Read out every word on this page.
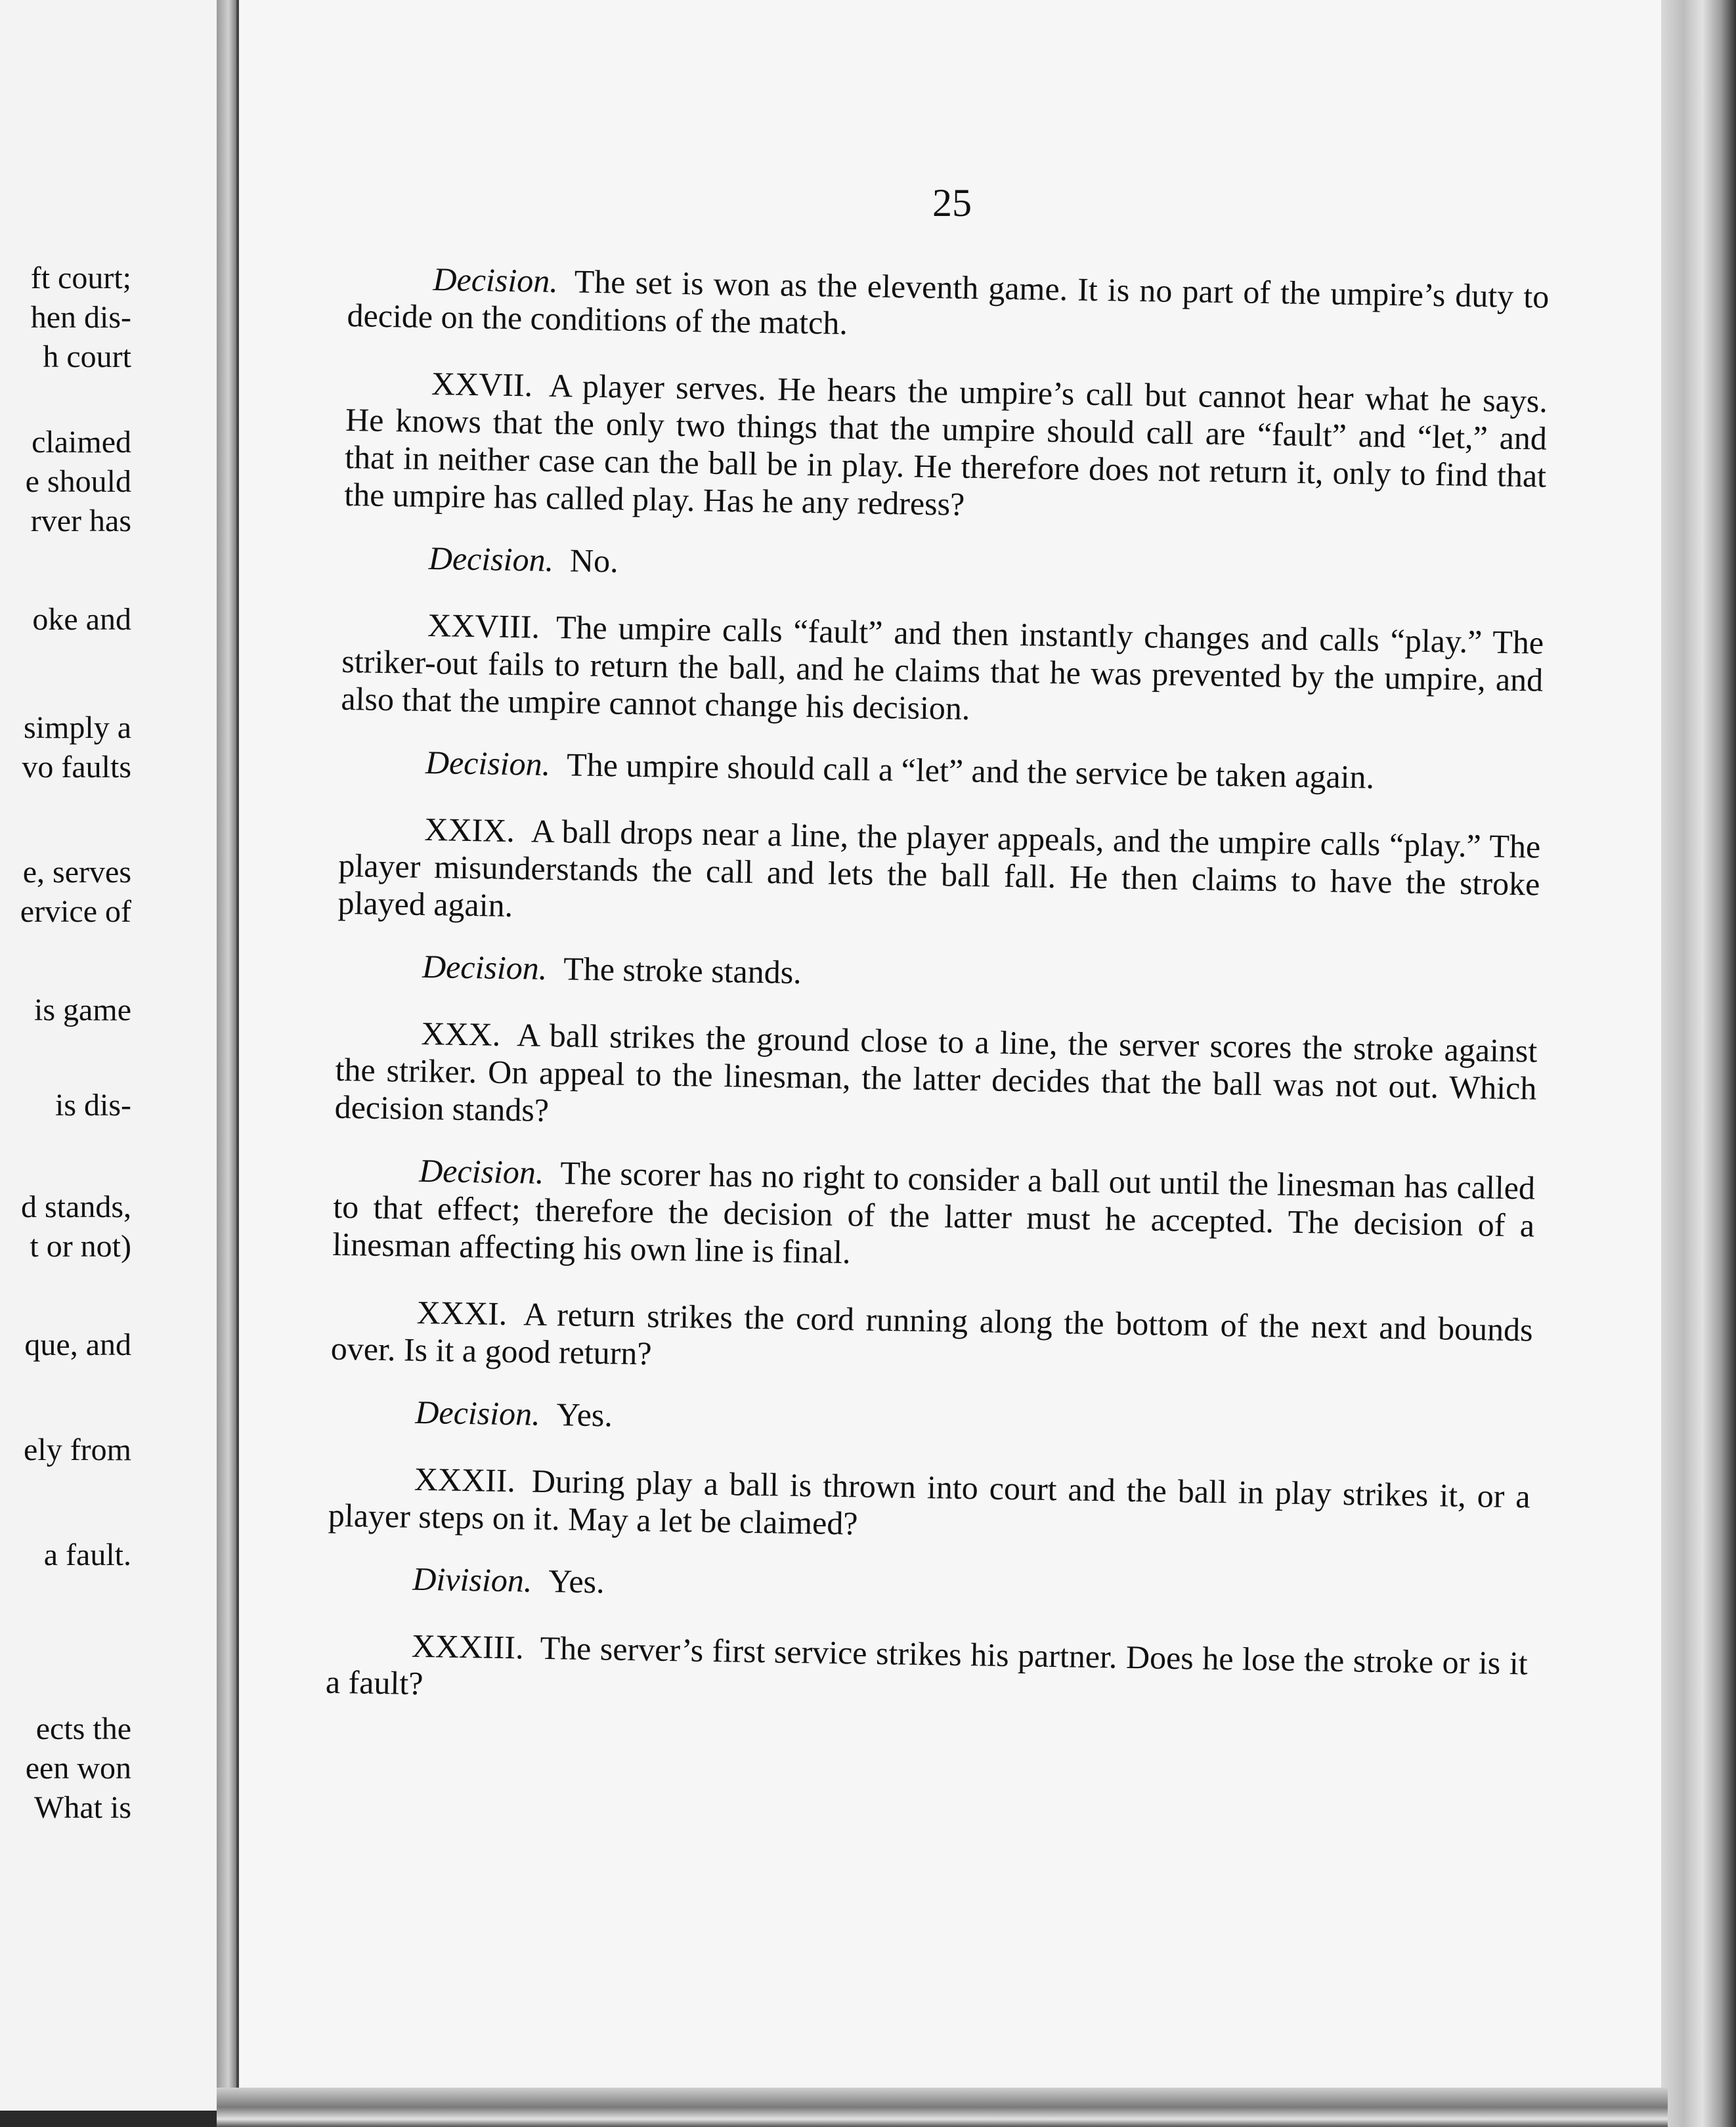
ft court;
hen dis-
h court
claimed
e should
rver has
oke and
simply a
vo faults
e, serves
ervice of
is game
is dis-
d stands,
t or not)
que, and
ely from
a fault.
ects the
een won
What is
25

Decision.  The set is won as the eleventh game. It is no part of the umpire’s duty to decide on the conditions of the match.

XXVII.  A player serves. He hears the umpire’s call but cannot hear what he says. He knows that the only two things that the umpire should call are “fault” and “let,” and that in neither case can the ball be in play. He therefore does not return it, only to find that the umpire has called play. Has he any redress?

Decision.  No.

XXVIII.  The umpire calls “fault” and then instantly changes and calls “play.” The striker-out fails to return the ball, and he claims that he was prevented by the umpire, and also that the umpire cannot change his decision.

Decision.  The umpire should call a “let” and the service be taken again.

XXIX.  A ball drops near a line, the player appeals, and the umpire calls “play.” The player misunderstands the call and lets the ball fall. He then claims to have the stroke played again.

Decision.  The stroke stands.

XXX.  A ball strikes the ground close to a line, the server scores the stroke against the striker. On appeal to the linesman, the latter decides that the ball was not out. Which decision stands?

Decision.  The scorer has no right to consider a ball out until the linesman has called to that effect; therefore the decision of the latter must he accepted. The decision of a linesman affecting his own line is final.

XXXI.  A return strikes the cord running along the bottom of the next and bounds over. Is it a good return?

Decision.  Yes.

XXXII.  During play a ball is thrown into court and the ball in play strikes it, or a player steps on it. May a let be claimed?

Division.  Yes.

XXXIII.  The server’s first service strikes his partner. Does he lose the stroke or is it a fault?
